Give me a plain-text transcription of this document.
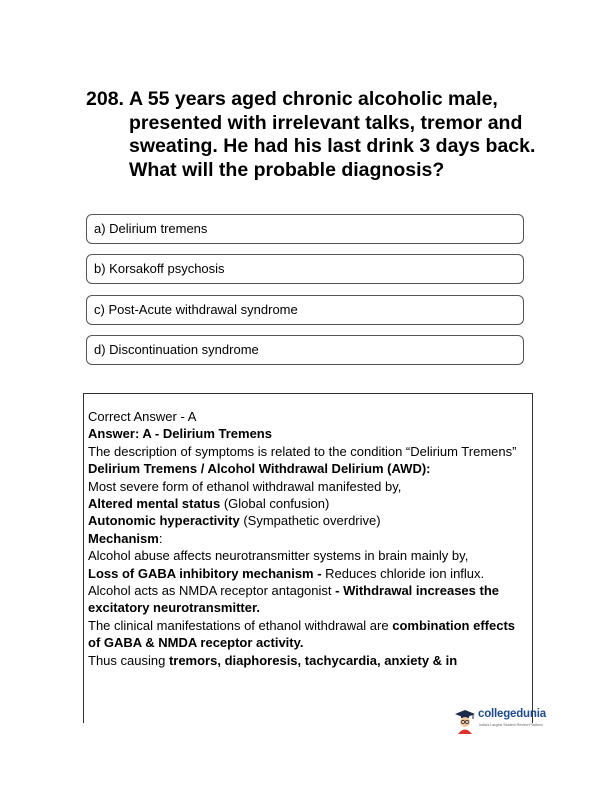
208. A 55 years aged chronic alcoholic male, presented with irrelevant talks, tremor and sweating. He had his last drink 3 days back. What will the probable diagnosis?
a) Delirium tremens
b) Korsakoff psychosis
c) Post-Acute withdrawal syndrome
d) Discontinuation syndrome

Correct Answer - A

Answer: A - Delirium Tremens

The description of symptoms is related to the condition “Delirium Tremens”

Delirium Tremens / Alcohol Withdrawal Delirium (AWD):

Most severe form of ethanol withdrawal manifested by,

Altered mental status (Global confusion)

Autonomic hyperactivity (Sympathetic overdrive)

Mechanism:

Alcohol abuse affects neurotransmitter systems in brain mainly by,

Loss of GABA inhibitory mechanism - Reduces chloride ion influx.

Alcohol acts as NMDA receptor antagonist - Withdrawal increases the excitatory neurotransmitter.

The clinical manifestations of ethanol withdrawal are combination effects of GABA & NMDA receptor activity.

Thus causing tremors, diaphoresis, tachycardia, anxiety & in

collegedunia
India's Largest Student Review Platform
